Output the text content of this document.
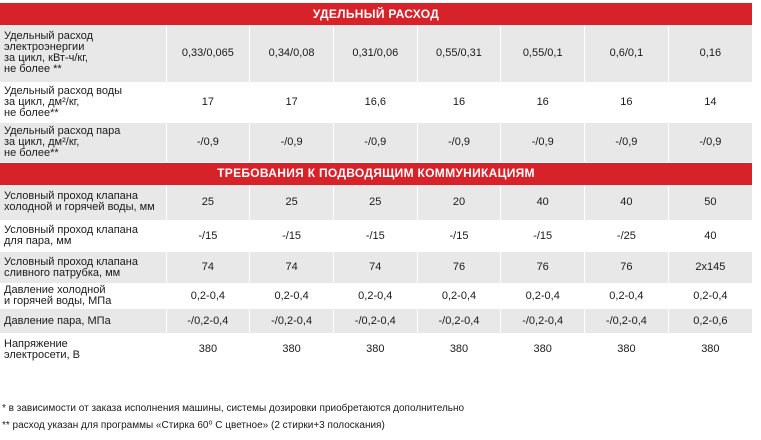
УДЕЛЬНЫЙ РАСХОД							

Удельный расход
электроэнергии
за цикл, кВт-ч/кг,
не более **	0,33/0,065	0,34/0,08	0,31/0,06	0,55/0,31	0,55/0,1	0,6/0,1	0,16

Удельный расход воды
за цикл, дм²/кг,
не более**	17	17	16,6	16	16	16	14

Удельный расход пара
за цикл, дм²/кг,
не более**	-/0,9	-/0,9	-/0,9	-/0,9	-/0,9	-/0,9	-/0,9
ТРЕБОВАНИЯ К ПОДВОДЯЩИМ КОММУНИКАЦИЯМ							

Условный проход клапана
холодной и горячей воды, мм	25	25	25	20	40	40	50

Условный проход клапана
для пара, мм	-/15	-/15	-/15	-/15	-/15	-/25	40

Условный проход клапана
сливного патрубка, мм	74	74	74	76	76	76	2х145

Давление холодной
и горячей воды, МПа	0,2-0,4	0,2-0,4	0,2-0,4	0,2-0,4	0,2-0,4	0,2-0,4	0,2-0,4

Давление пара, МПа	-/0,2-0,4	-/0,2-0,4	-/0,2-0,4	-/0,2-0,4	-/0,2-0,4	-/0,2-0,4	0,2-0,6

Напряжение
электросети, В	380	380	380	380	380	380	380
* в зависимости от заказа исполнения машины, системы дозировки приобретаются дополнительно
** расход указан для программы «Стирка 60⁰ С цветное» (2 стирки+3 полоскания)
